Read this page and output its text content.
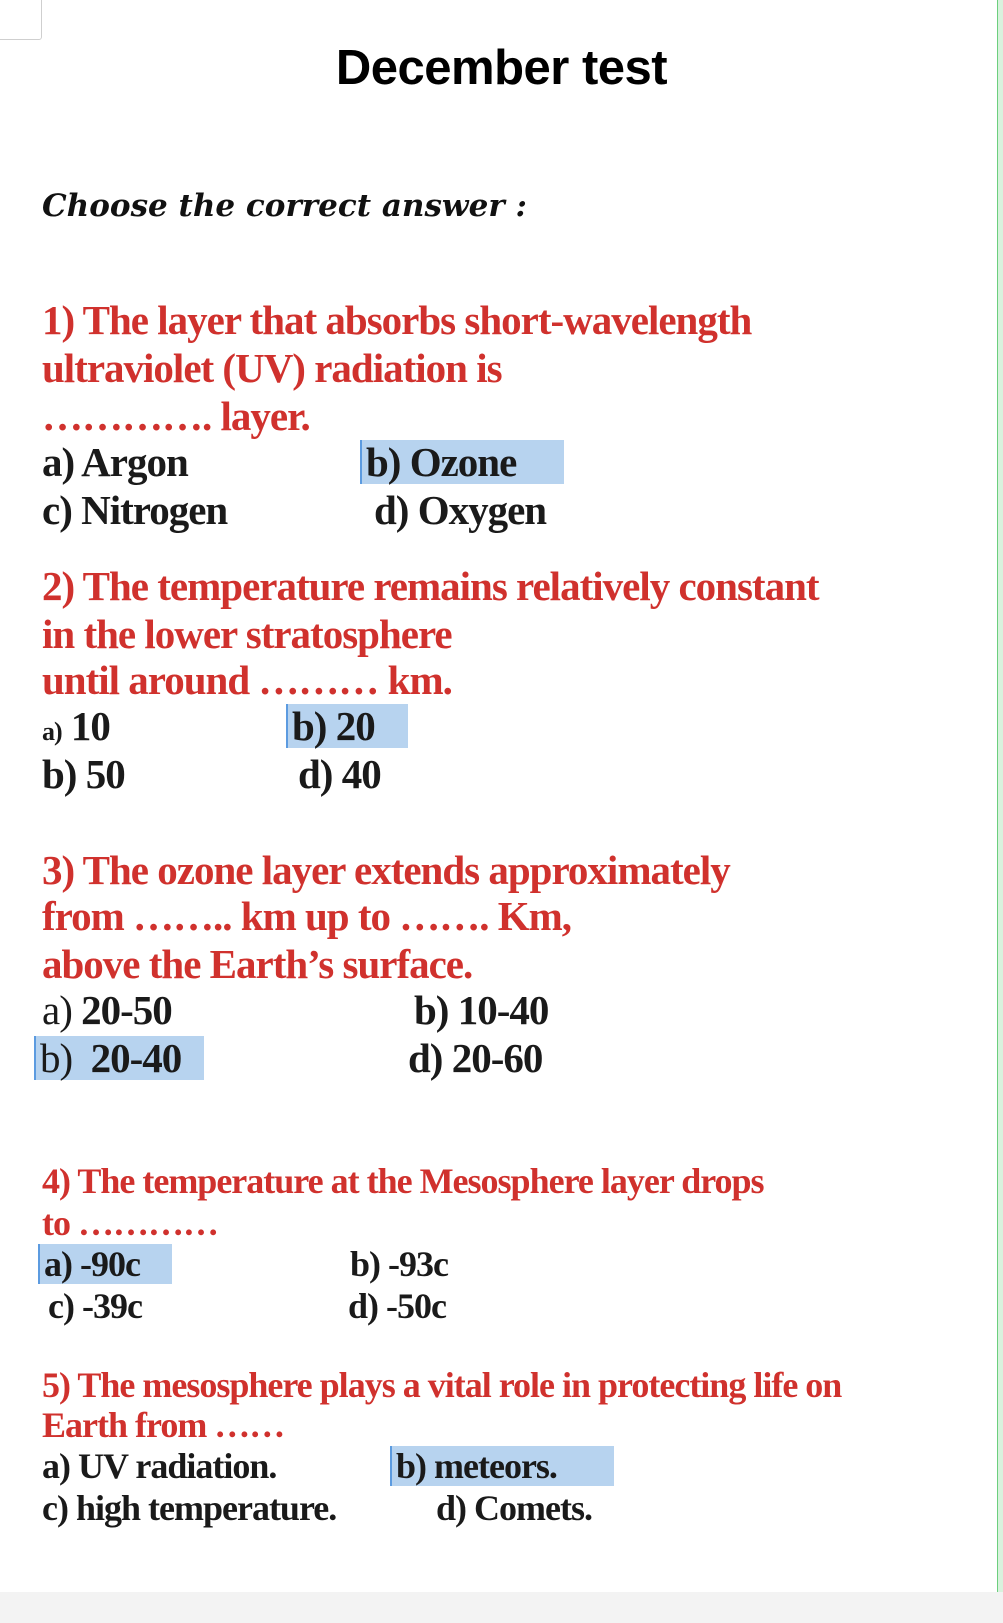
December test
Choose the correct answer :
1) The layer that absorbs short-wavelength
ultraviolet (UV) radiation is
…………. layer.
a) Argon	b) Ozone
c) Nitrogen	d) Oxygen
2) The temperature remains relatively constant
in the lower stratosphere
until around ……… km.
a) 10	b) 20
b) 50	d) 40
3) The ozone layer extends approximately
from …….. km up to ……. Km,
above the Earth’s surface.
a) 20-50	b) 10-40
b) 20-40	d) 20-60
4) The temperature at the Mesosphere layer drops
to …………
a) -90c	b) -93c
c) -39c	d) -50c
5) The mesosphere plays a vital role in protecting life on
Earth from ……
a) UV radiation.	b) meteors.
c) high temperature.	d) Comets.
